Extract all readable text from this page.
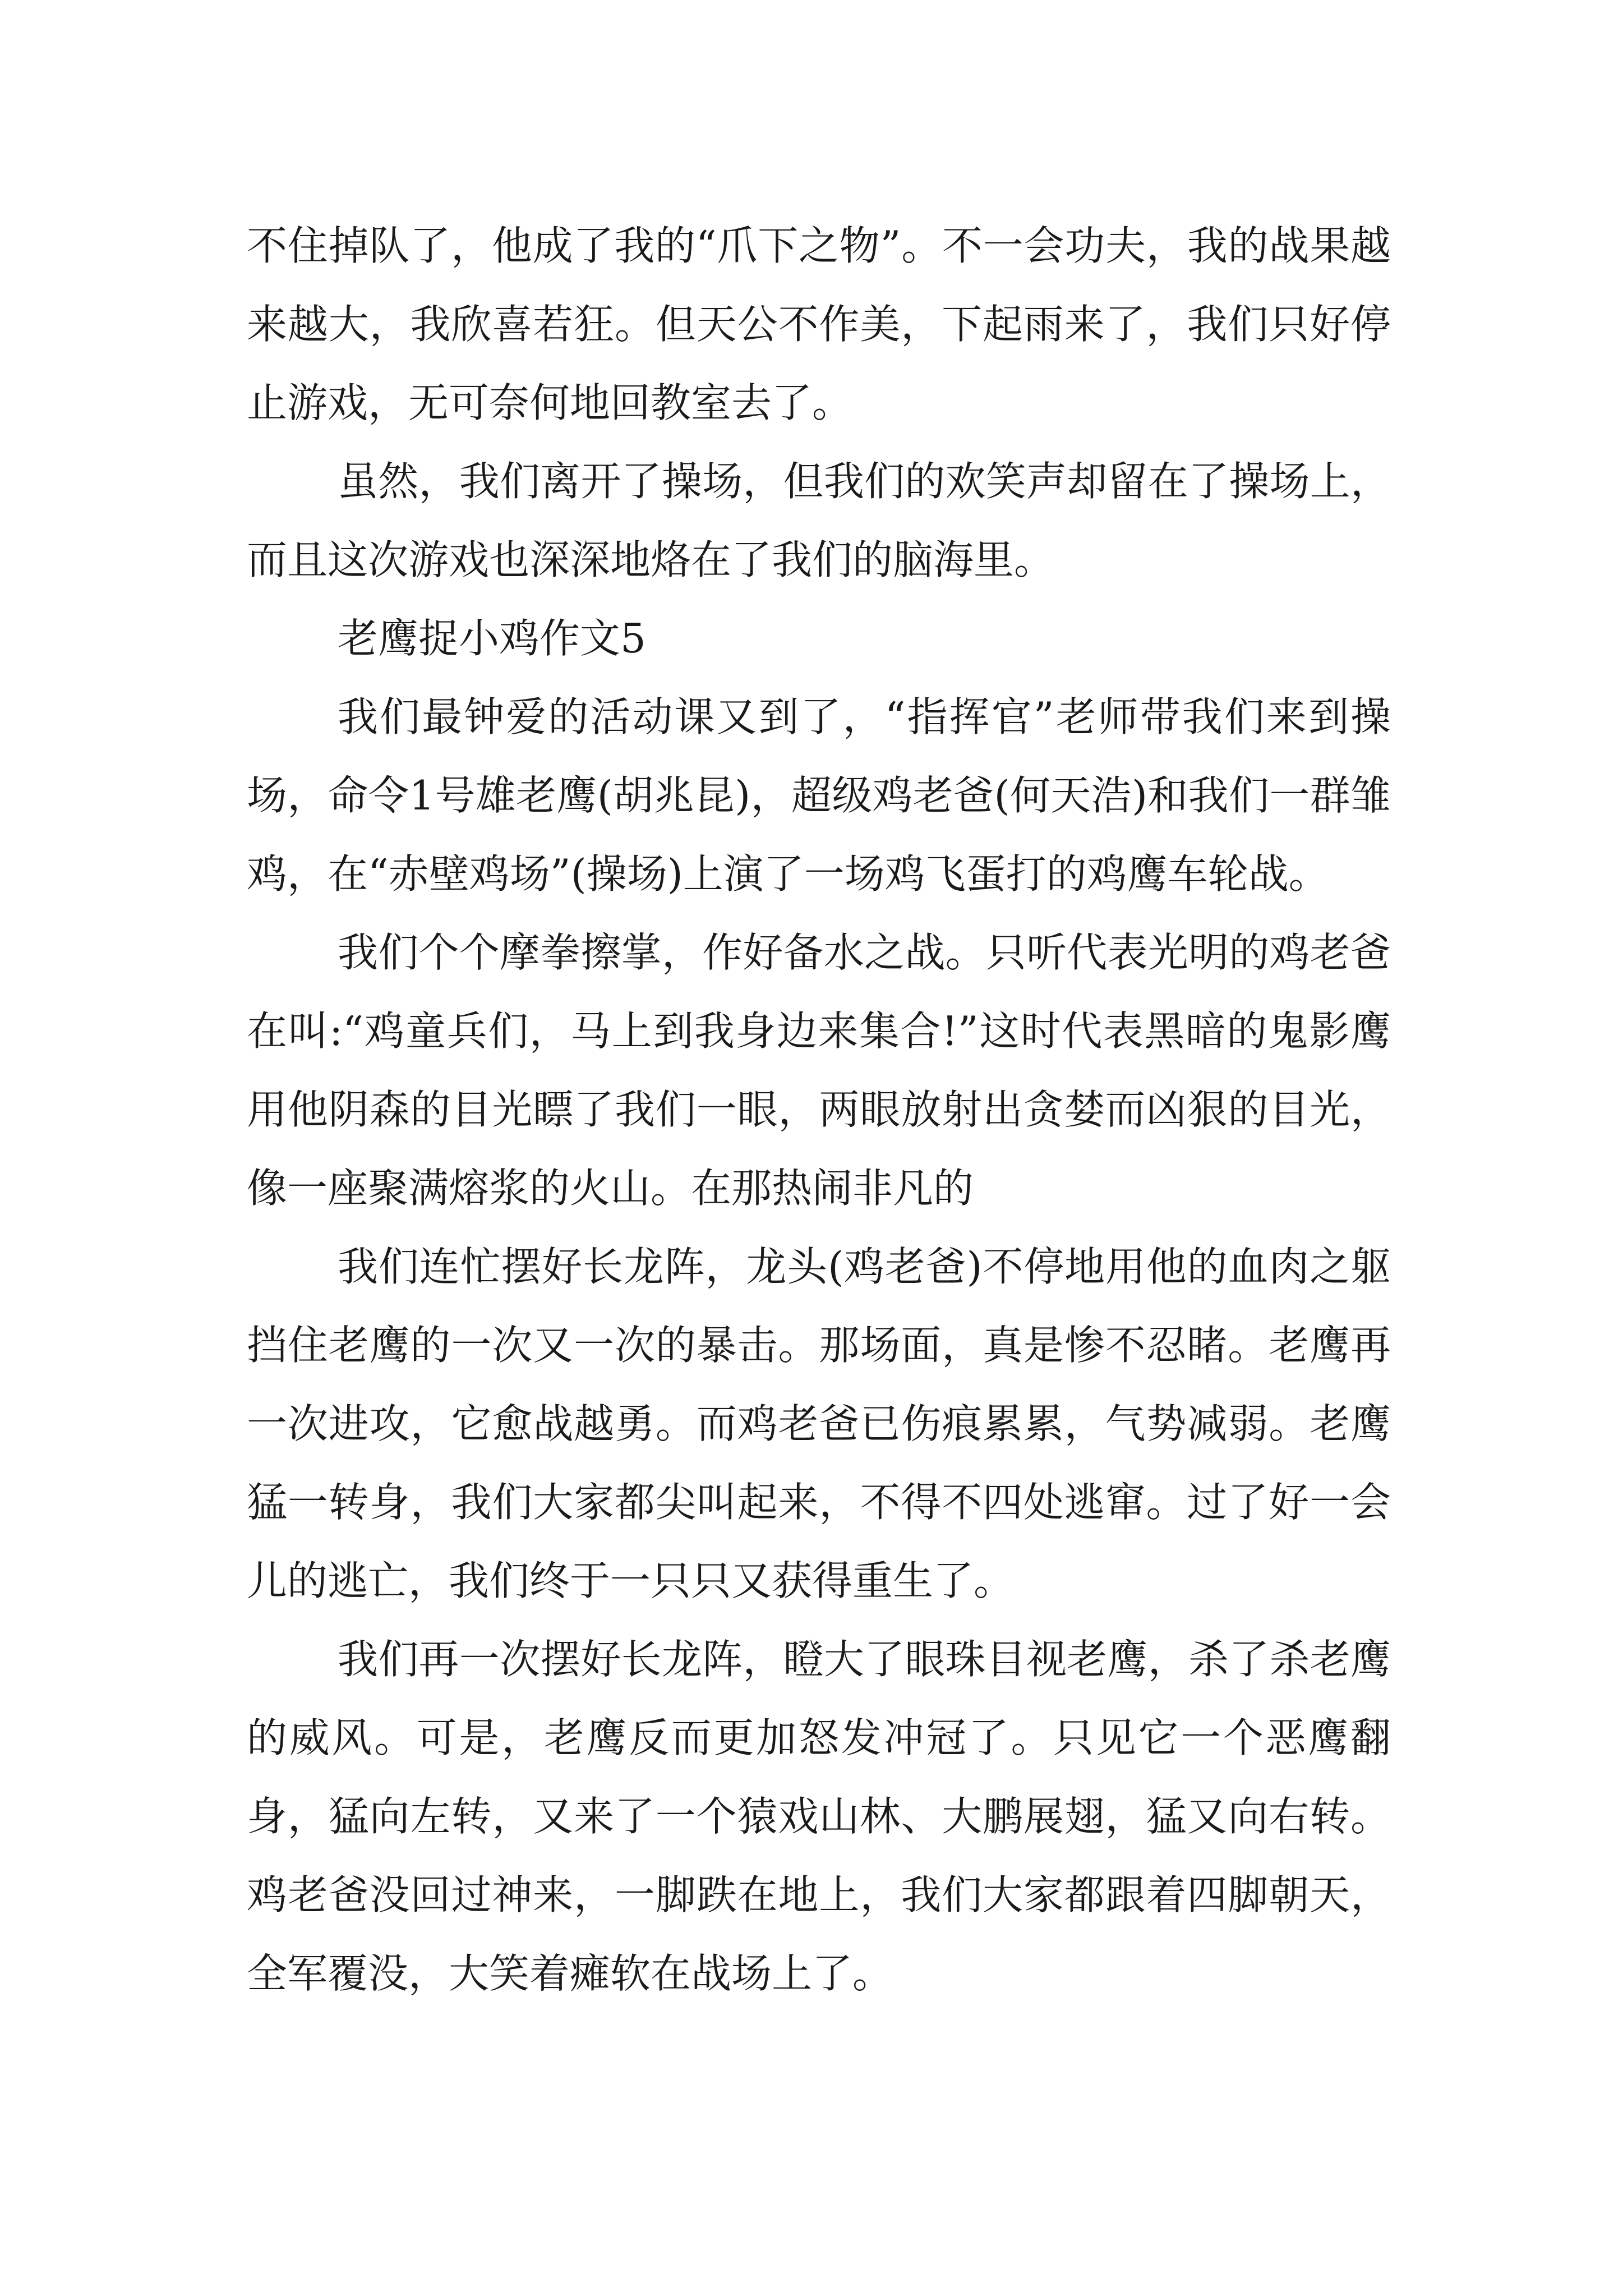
不住掉队了，他成了我的“爪下之物”。不一会功夫，我的战果越来越大，我欣喜若狂。但天公不作美，下起雨来了，我们只好停止游戏，无可奈何地回教室去了。

虽然，我们离开了操场，但我们的欢笑声却留在了操场上，而且这次游戏也深深地烙在了我们的脑海里。

老鹰捉小鸡作文5

我们最钟爱的活动课又到了，“指挥官”老师带我们来到操场，命令1号雄老鹰(胡兆昆)，超级鸡老爸(何天浩)和我们一群雏鸡，在“赤壁鸡场”(操场)上演了一场鸡飞蛋打的鸡鹰车轮战。

我们个个摩拳擦掌，作好备水之战。只听代表光明的鸡老爸在叫:“鸡童兵们，马上到我身边来集合!”这时代表黑暗的鬼影鹰用他阴森的目光瞟了我们一眼，两眼放射出贪婪而凶狠的目光，像一座聚满熔浆的火山。在那热闹非凡的

我们连忙摆好长龙阵，龙头(鸡老爸)不停地用他的血肉之躯挡住老鹰的一次又一次的暴击。那场面，真是惨不忍睹。老鹰再一次进攻，它愈战越勇。而鸡老爸已伤痕累累，气势减弱。老鹰猛一转身，我们大家都尖叫起来，不得不四处逃窜。过了好一会儿的逃亡，我们终于一只只又获得重生了。

我们再一次摆好长龙阵，瞪大了眼珠目视老鹰，杀了杀老鹰的威风。可是，老鹰反而更加怒发冲冠了。只见它一个恶鹰翻身，猛向左转，又来了一个猿戏山林、大鹏展翅，猛又向右转。鸡老爸没回过神来，一脚跌在地上，我们大家都跟着四脚朝天，全军覆没，大笑着瘫软在战场上了。
